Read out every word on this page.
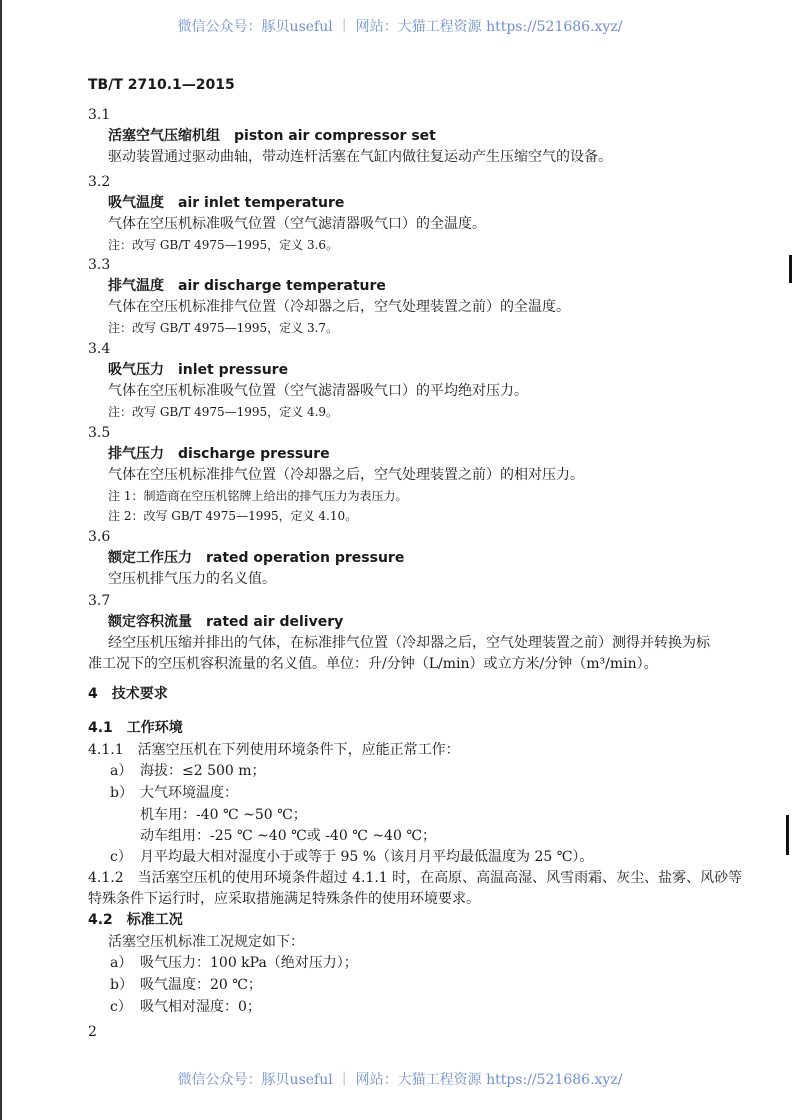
微信公众号：豚贝useful ｜ 网站：大猫工程资源 https://521686.xyz/
TB/T 2710.1—2015
3.1
活塞空气压缩机组　piston air compressor set
驱动装置通过驱动曲轴，带动连杆活塞在气缸内做往复运动产生压缩空气的设备。
3.2
吸气温度　air inlet temperature
气体在空压机标准吸气位置（空气滤清器吸气口）的全温度。
注：改写 GB/T 4975—1995，定义 3.6。
3.3
排气温度　air discharge temperature
气体在空压机标准排气位置（冷却器之后，空气处理装置之前）的全温度。
注：改写 GB/T 4975—1995，定义 3.7。
3.4
吸气压力　inlet pressure
气体在空压机标准吸气位置（空气滤清器吸气口）的平均绝对压力。
注：改写 GB/T 4975—1995，定义 4.9。
3.5
排气压力　discharge pressure
气体在空压机标准排气位置（冷却器之后，空气处理装置之前）的相对压力。
注 1：制造商在空压机铭牌上给出的排气压力为表压力。
注 2：改写 GB/T 4975—1995，定义 4.10。
3.6
额定工作压力　rated operation pressure
空压机排气压力的名义值。
3.7
额定容积流量　rated air delivery
经空压机压缩并排出的气体，在标准排气位置（冷却器之后，空气处理装置之前）测得并转换为标
准工况下的空压机容积流量的名义值。单位：升/分钟（L/min）或立方米/分钟（m³/min）。
4　技术要求
4.1　工作环境
4.1.1　活塞空压机在下列使用环境条件下，应能正常工作：
4.1.2　当活塞空压机的使用环境条件超过 4.1.1 时，在高原、高温高湿、风雪雨霜、灰尘、盐雾、风砂等
特殊条件下运行时，应采取措施满足特殊条件的使用环境要求。
4.2　标准工况
活塞空压机标准工况规定如下：
a） 海拔：≤2 500 m；
b） 大气环境温度：
机车用：-40 ℃ ~50 ℃；
动车组用：-25 ℃ ~40 ℃或 -40 ℃ ~40 ℃；
c） 月平均最大相对湿度小于或等于 95 %（该月月平均最低温度为 25 ℃）。
a） 吸气压力：100 kPa（绝对压力）；
b） 吸气温度：20 ℃；
c） 吸气相对湿度：0；
2
微信公众号：豚贝useful ｜ 网站：大猫工程资源 https://521686.xyz/
